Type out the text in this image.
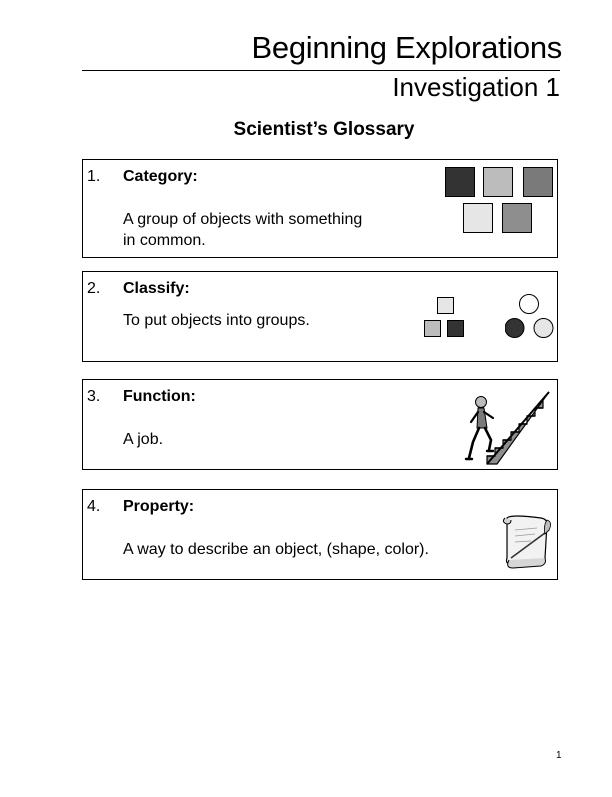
Beginning Explorations
Investigation 1
Scientist’s Glossary
1. Category:
A group of objects with something
in common.
2. Classify:
To put objects into groups.
3. Function:
A job.
4. Property:
A way to describe an object, (shape, color).
1
